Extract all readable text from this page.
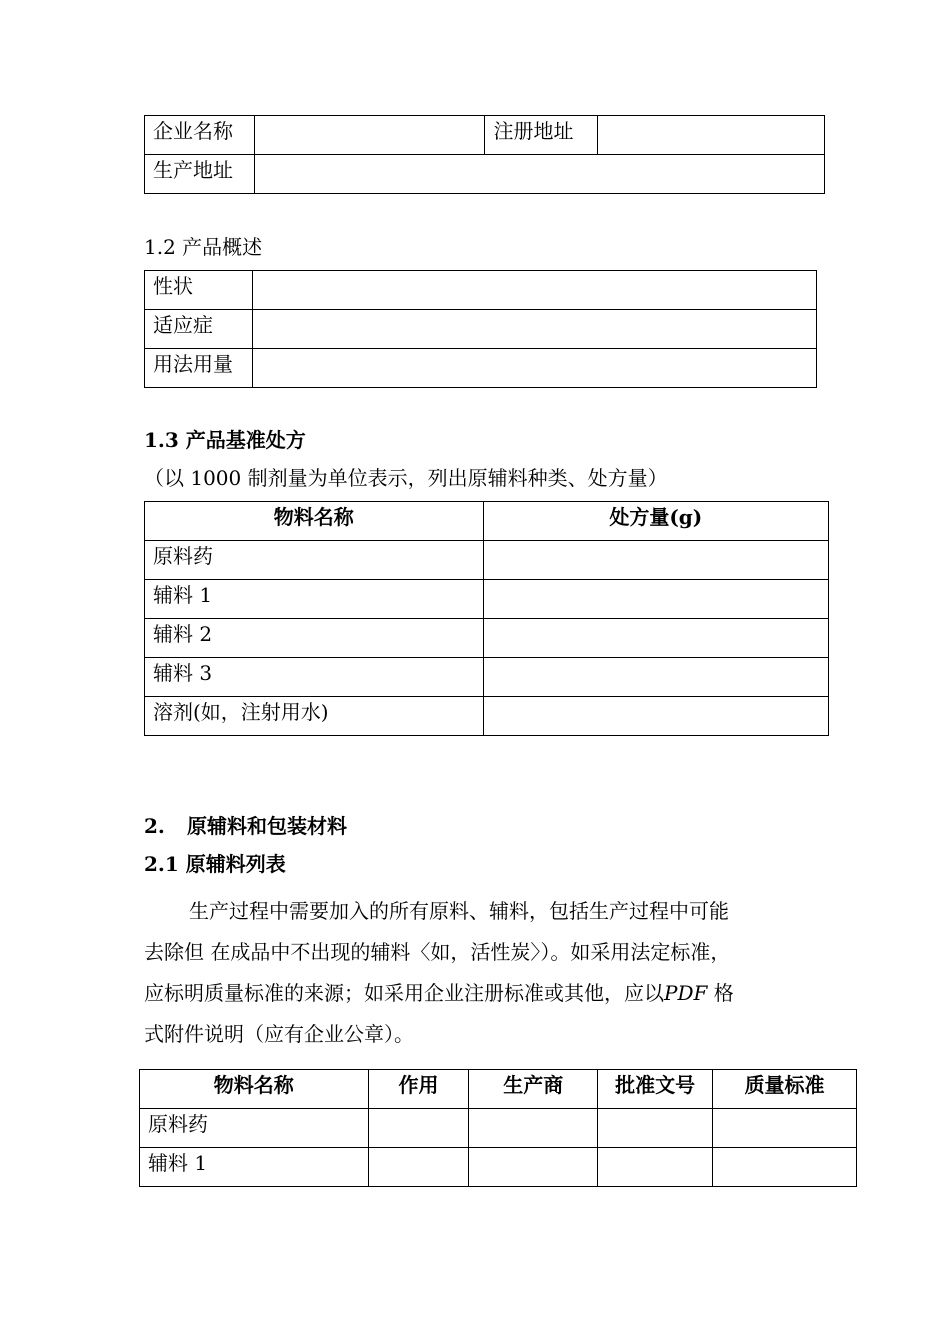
企业名称		注册地址	
生产地址			
1.2 产品概述
性状	
适应症	
用法用量	
1.3 产品基准处方
（以 1000 制剂量为单位表示，列出原辅料种类、处方量）
物料名称	处方量(g)
原料药	
辅料 1	
辅料 2	
辅料 3	
溶剂(如，注射用水)	
2. 原辅料和包装材料
2.1 原辅料列表
生产过程中需要加入的所有原料、辅料，包括生产过程中可能
去除但 在成品中不出现的辅料〈如，活性炭〉）。如采用法定标准，
应标明质量标准的来源；如采用企业注册标准或其他，应以PDF 格
式附件说明（应有企业公章）。
物料名称	作用	生产商	批准文号	质量标准
原料药				
辅料 1				
